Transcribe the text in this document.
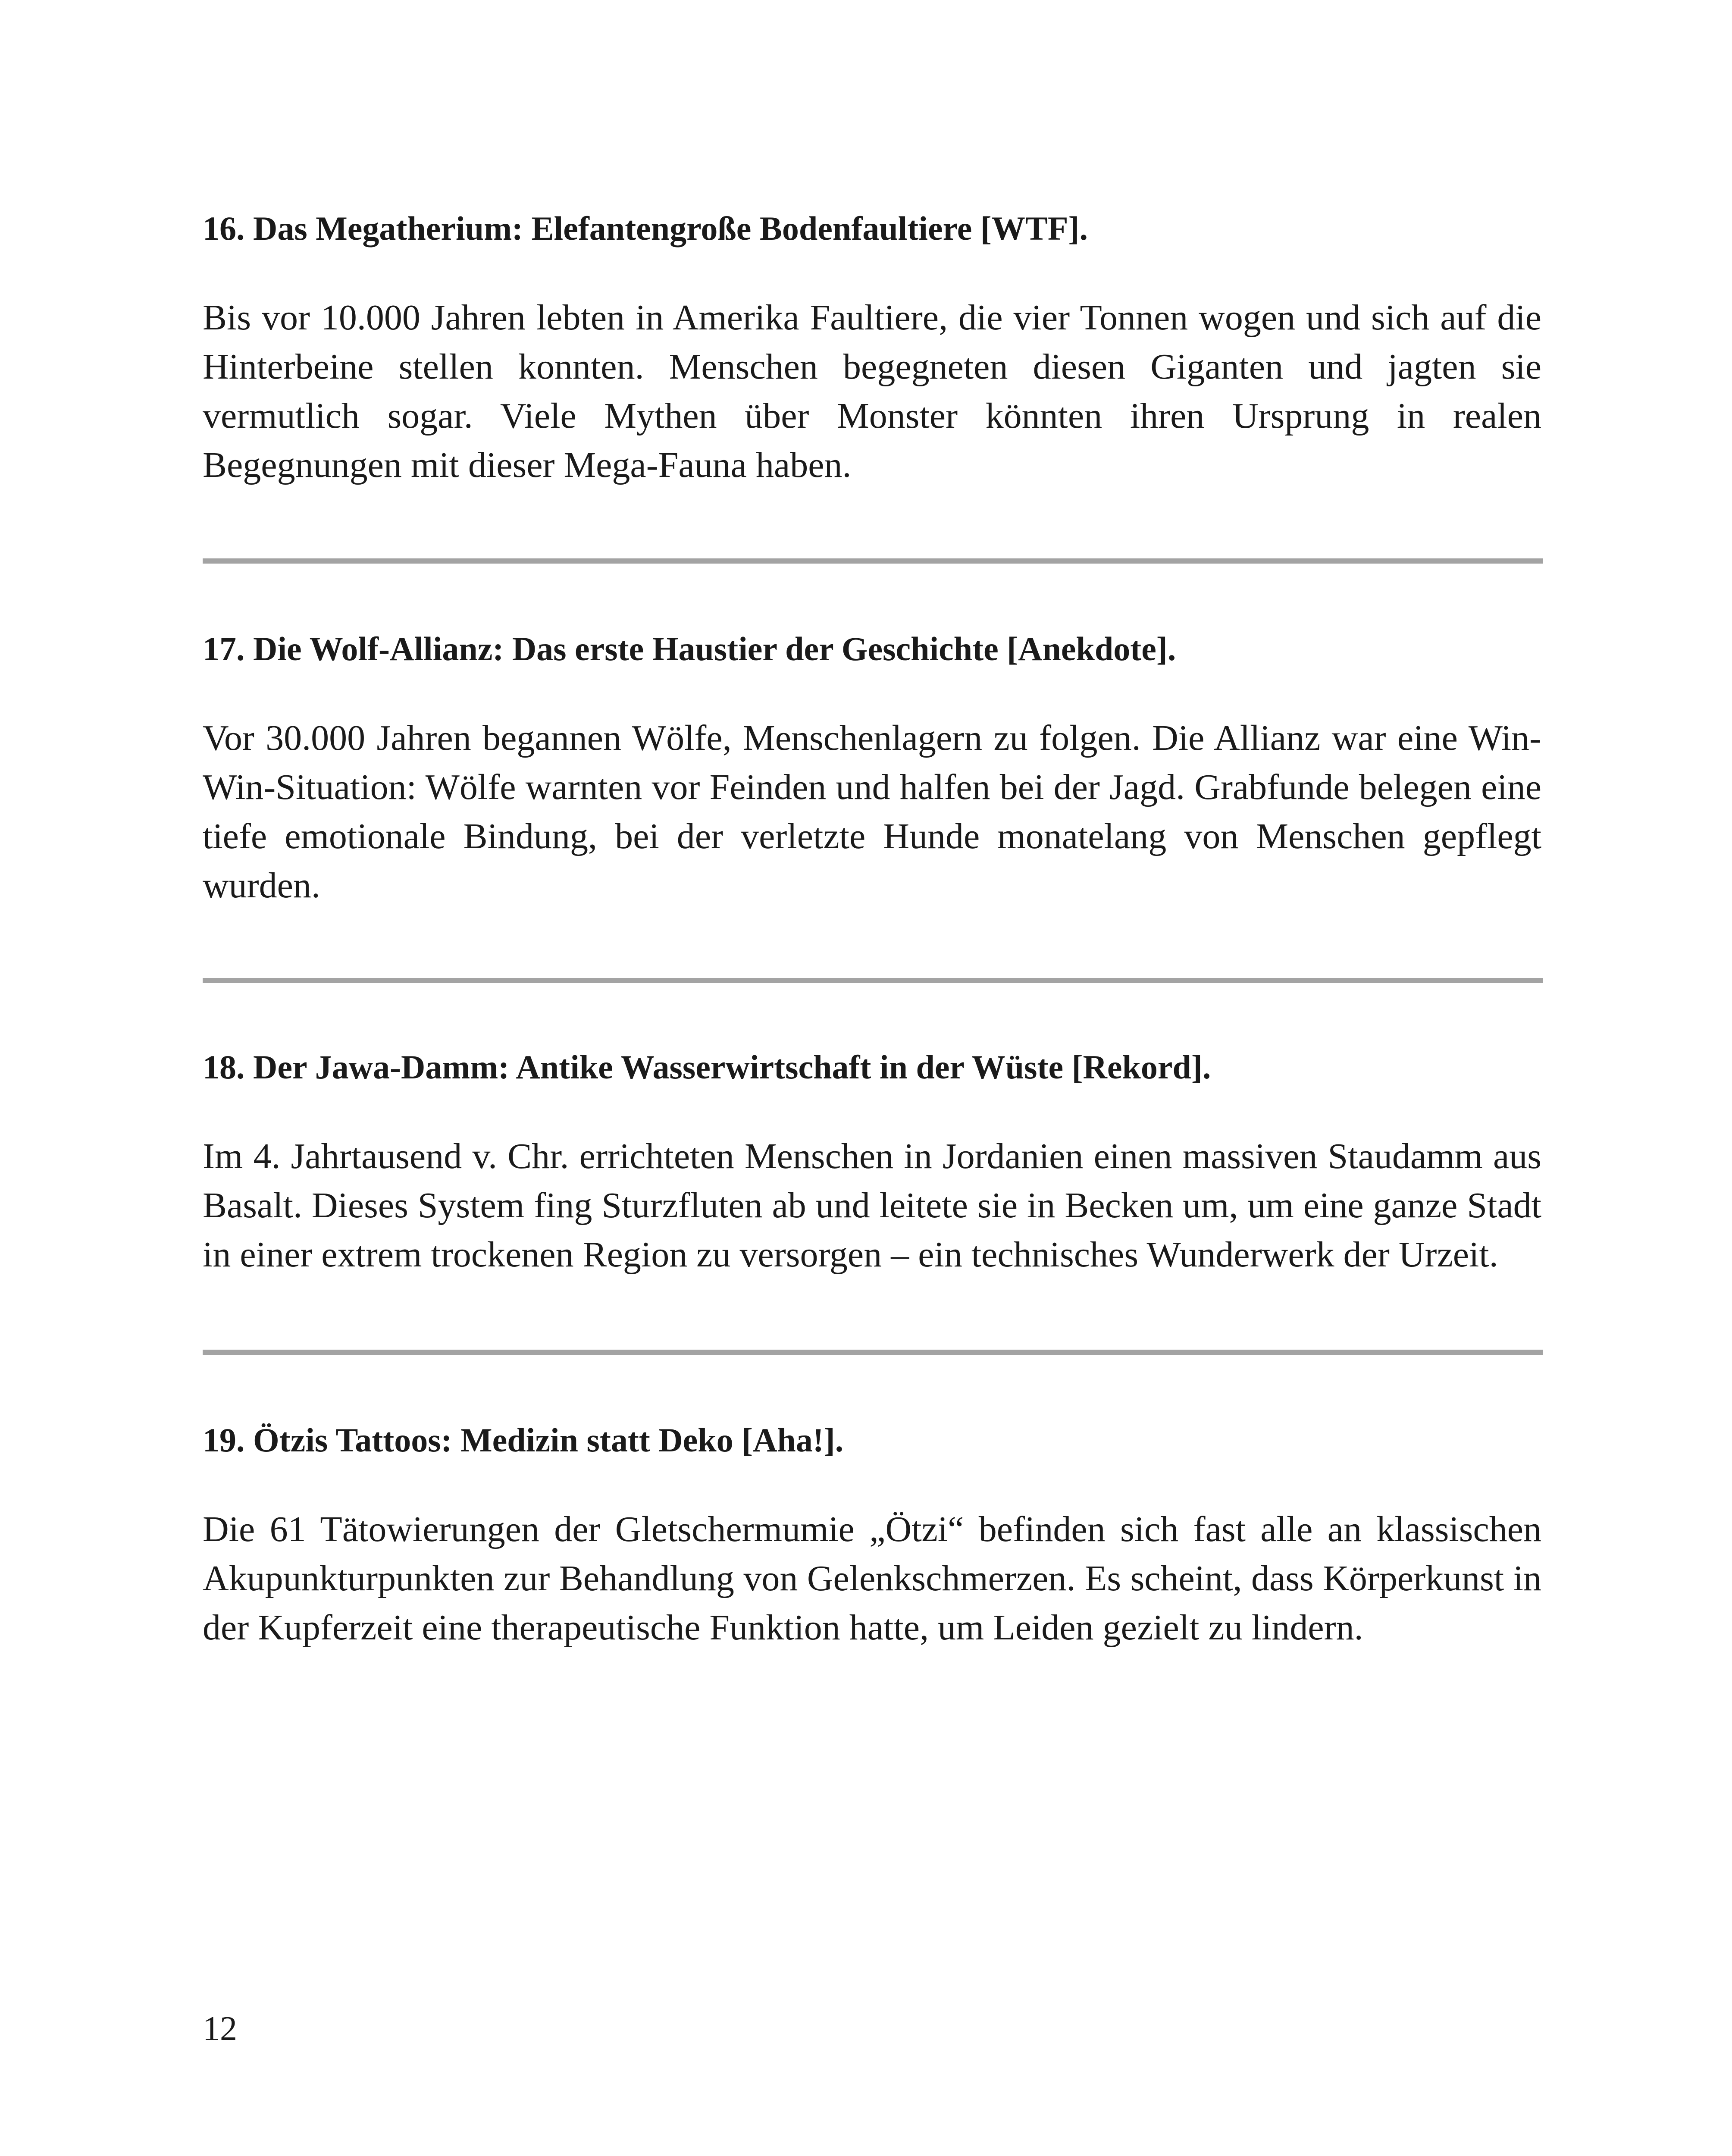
16. Das Megatherium: Elefantengroße Bodenfaultiere [WTF].

Bis vor 10.000 Jahren lebten in Amerika Faultiere, die vier Tonnen wogen und sich auf die Hinterbeine stellen konnten. Menschen begegneten diesen Giganten und jagten sie vermutlich sogar. Viele Mythen über Monster könnten ihren Ursprung in realen Begegnungen mit dieser Mega-Fauna haben.

17. Die Wolf-Allianz: Das erste Haustier der Geschichte [Anekdote].

Vor 30.000 Jahren begannen Wölfe, Menschenlagern zu folgen. Die Allianz war eine Win-Win-Situation: Wölfe warnten vor Feinden und halfen bei der Jagd. Grabfunde belegen eine tiefe emotionale Bindung, bei der verletzte Hunde monatelang von Menschen gepflegt wurden.

18. Der Jawa-Damm: Antike Wasserwirtschaft in der Wüste [Rekord].

Im 4. Jahrtausend v. Chr. errichteten Menschen in Jordanien einen massiven Staudamm aus Basalt. Dieses System fing Sturzfluten ab und leitete sie in Becken um, um eine ganze Stadt in einer extrem trockenen Region zu versorgen – ein technisches Wunderwerk der Urzeit.

19. Ötzis Tattoos: Medizin statt Deko [Aha!].

Die 61 Tätowierungen der Gletschermumie „Ötzi“ befinden sich fast alle an klassischen Akupunkturpunkten zur Behandlung von Gelenkschmerzen. Es scheint, dass Körperkunst in der Kupferzeit eine therapeutische Funktion hatte, um Leiden gezielt zu lindern.

12
